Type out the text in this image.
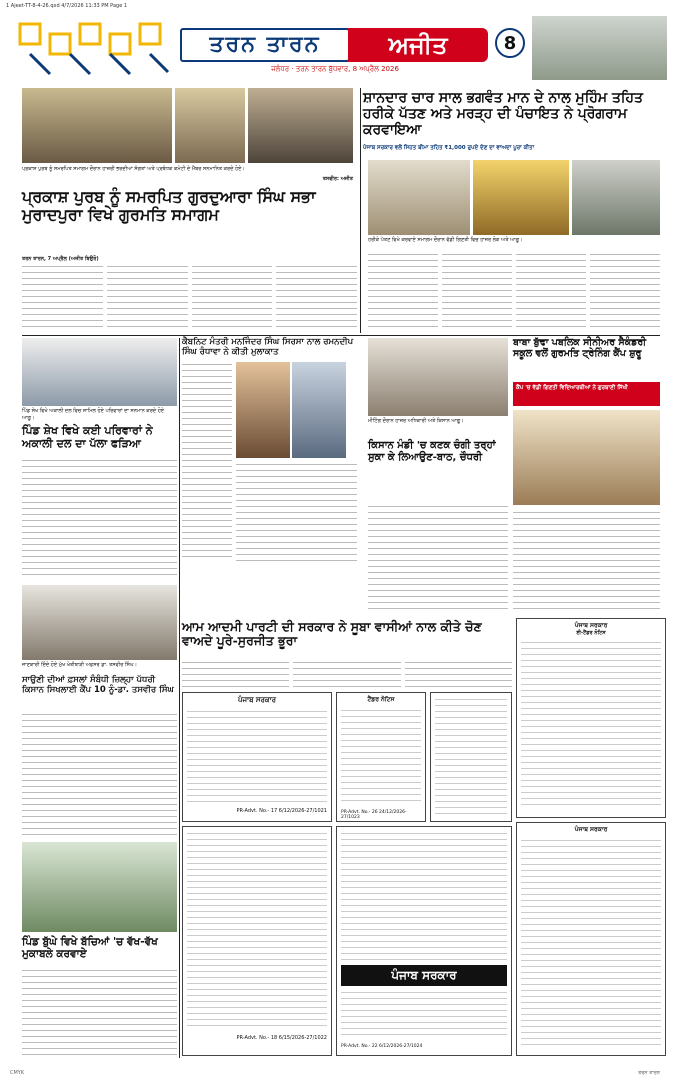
1 Ajeet-TT-8-4-26.qxd 4/7/2026 11:33 PM Page 1
ਤਰਨ ਤਾਰਨ	ਅਜੀਤ	8
ਜਲੰਧਰ · ਤਰਨ ਤਾਰਨ ਬੁੱਧਵਾਰ, 8 ਅਪ੍ਰੈਲ 2026
ਪ੍ਰਕਾਸ਼ ਪੁਰਬ ਨੂੰ ਸਮਰਪਿਤ ਸਮਾਗਮ ਦੌਰਾਨ ਹਾਜ਼ਰੀ ਭਰਦੀਆਂ ਸੰਗਤਾਂ ਅਤੇ ਪ੍ਰਬੰਧਕ ਕਮੇਟੀ ਦੇ ਮੈਂਬਰ ਸਨਮਾਨਿਤ ਕਰਦੇ ਹੋਏ।
ਤਸਵੀਰ: ਅਜੀਤ
ਸ਼ਾਨਦਾਰ ਚਾਰ ਸਾਲ ਭਗਵੰਤ ਮਾਨ ਦੇ ਨਾਲ ਮੁਹਿੰਮ ਤਹਿਤ ਹਰੀਕੇ ਪੱਤਣ ਅਤੇ ਮਰੜ੍ਹ ਦੀ ਪੰਚਾਇਤ ਨੇ ਪ੍ਰੋਗਰਾਮ ਕਰਵਾਇਆ
ਪੰਜਾਬ ਸਰਕਾਰ ਵਲੋਂ ਸਿਹਤ ਬੀਮਾ ਤਹਿਤ ₹1,000 ਰੁਪਏ ਦੇਣ ਦਾ ਵਾਅਦਾ ਪੂਰਾ ਕੀਤਾ
ਹਰੀਕੇ ਪੱਤਣ ਵਿਖੇ ਕਰਵਾਏ ਸਮਾਗਮ ਦੌਰਾਨ ਵੱਡੀ ਗਿਣਤੀ ਵਿਚ ਹਾਜ਼ਰ ਲੋਕ ਅਤੇ ਆਗੂ।
ਪ੍ਰਕਾਸ਼ ਪੁਰਬ ਨੂੰ ਸਮਰਪਿਤ ਗੁਰਦੁਆਰਾ ਸਿੰਘ ਸਭਾ ਮੁਰਾਦਪੁਰਾ ਵਿਖੇ ਗੁਰਮਤਿ ਸਮਾਗਮ
ਤਰਨ ਤਾਰਨ, 7 ਅਪ੍ਰੈਲ (ਅਜੀਤ ਬਿਉਰੋ)
ਪਿੰਡ ਸ਼ੇਖ ਵਿਖੇ ਅਕਾਲੀ ਦਲ ਵਿਚ ਸ਼ਾਮਿਲ ਹੋਏ ਪਰਿਵਾਰਾਂ ਦਾ ਸਨਮਾਨ ਕਰਦੇ ਹੋਏ ਆਗੂ।
ਪਿੰਡ ਸ਼ੇਖ ਵਿਖੇ ਕਈ ਪਰਿਵਾਰਾਂ ਨੇ ਅਕਾਲੀ ਦਲ ਦਾ ਪੱਲਾ ਫੜਿਆ
ਕੈਬਨਿਟ ਮੰਤਰੀ ਮਨਜਿੰਦਰ ਸਿੰਘ ਸਿਰਸਾ ਨਾਲ ਰਮਨਦੀਪ ਸਿੰਘ ਰੰਧਾਵਾ ਨੇ ਕੀਤੀ ਮੁਲਾਕਾਤ
ਮੀਟਿੰਗ ਦੌਰਾਨ ਹਾਜ਼ਰ ਅਧਿਕਾਰੀ ਅਤੇ ਕਿਸਾਨ ਆਗੂ।
ਕਿਸਾਨ ਮੰਡੀ 'ਚ ਕਣਕ ਚੰਗੀ ਤਰ੍ਹਾਂ ਸੁਕਾ ਕੇ ਲਿਆਉਣ-ਬਾਠ, ਚੌਧਰੀ
ਬਾਬਾ ਬੁੱਢਾ ਪਬਲਿਕ ਸੀਨੀਅਰ ਸੈਕੰਡਰੀ ਸਕੂਲ ਵਲੋਂ ਗੁਰਮਤਿ ਟ੍ਰੇਨਿੰਗ ਕੈਂਪ ਸ਼ੁਰੂ
ਕੈਂਪ 'ਚ ਵੱਡੀ ਗਿਣਤੀ ਵਿਦਿਆਰਥੀਆਂ ਨੇ ਗੁਰਬਾਣੀ ਸਿੱਖੀ
ਜਾਣਕਾਰੀ ਦਿੰਦੇ ਹੋਏ ਮੁੱਖ ਖੇਤੀਬਾੜੀ ਅਫ਼ਸਰ ਡਾ. ਤਸਵੀਰ ਸਿੰਘ।
ਸਾਉਣੀ ਦੀਆਂ ਫ਼ਸਲਾਂ ਸੰਬੰਧੀ ਜ਼ਿਲ੍ਹਾ ਪੱਧਰੀ ਕਿਸਾਨ ਸਿਖਲਾਈ ਕੈਂਪ 10 ਨੂੰ-ਡਾ. ਤਸਵੀਰ ਸਿੰਘ
ਆਮ ਆਦਮੀ ਪਾਰਟੀ ਦੀ ਸਰਕਾਰ ਨੇ ਸੂਬਾ ਵਾਸੀਆਂ ਨਾਲ ਕੀਤੇ ਚੋਣ ਵਾਅਦੇ ਪੂਰੇ-ਸੁਰਜੀਤ ਭੂਰਾ
ਪੰਜਾਬ ਸਰਕਾਰ
PR-Advt. No.- 17 6/12/2026-27/1021
ਟੈਂਡਰ ਨੋਟਿਸ
PR-Advt. No.- 26 24/12/2026-27/1023
PR-Advt. No.- 18 6/15/2026-27/1022
ਪੰਜਾਬ ਸਰਕਾਰ
PR-Advt. No.- 22 6/12/2026-27/1024
ਪੰਜਾਬ ਸਰਕਾਰ
ਈ-ਟੈਂਡਰ ਨੋਟਿਸ
ਪੰਜਾਬ ਸਰਕਾਰ
ਪਿੰਡ ਬੁੱਘੇ ਵਿਖੇ ਬੱਚਿਆਂ 'ਚ ਵੱਖ-ਵੱਖ ਮੁਕਾਬਲੇ ਕਰਵਾਏ
CMYK	ਤਰਨ ਤਾਰਨ
